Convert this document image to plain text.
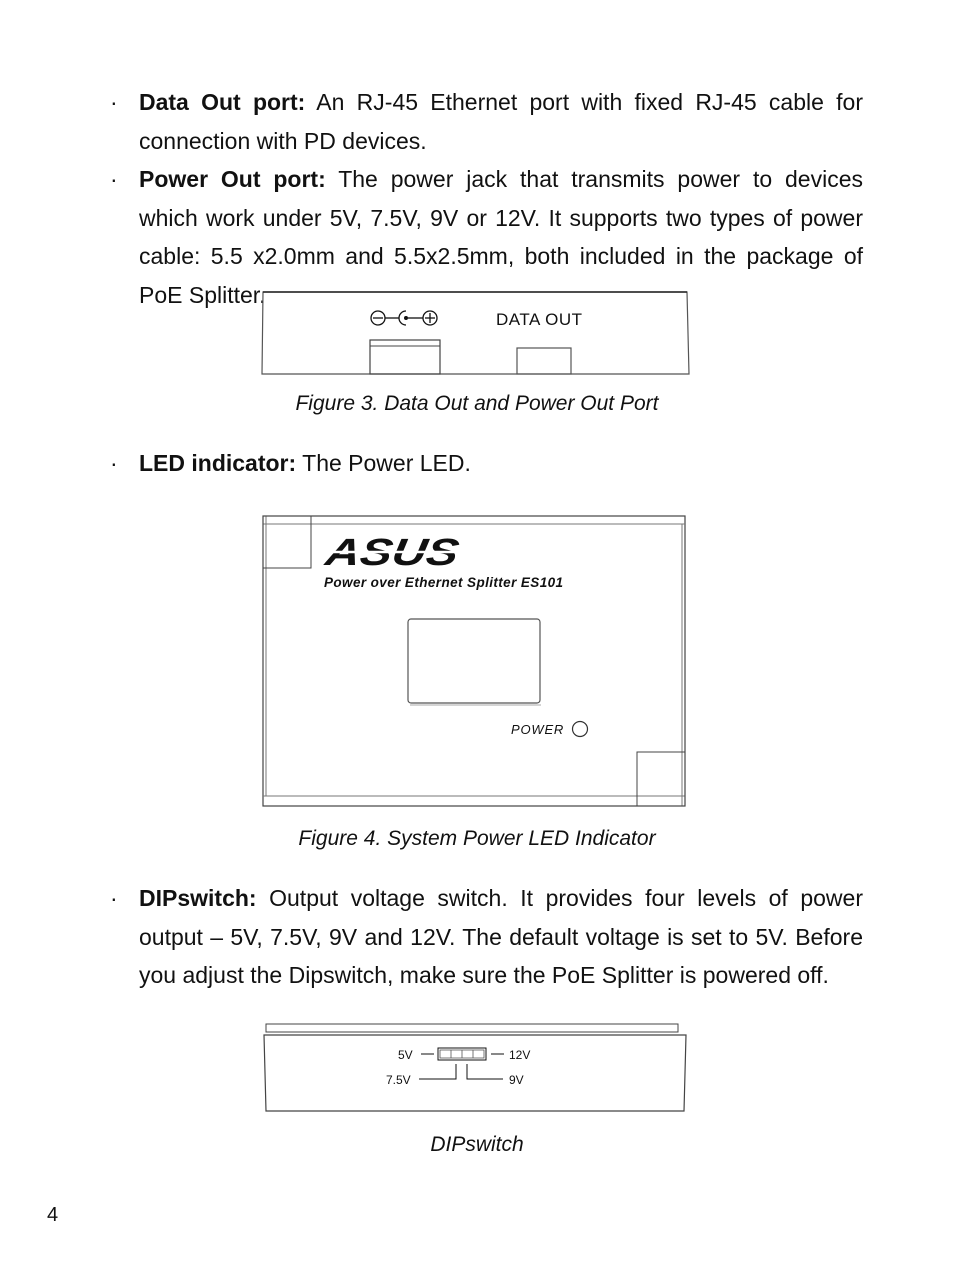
· Data Out port: An RJ-45 Ethernet port with fixed RJ-45 cable for connection with PD devices.
· Power Out port: The power jack that transmits power to devices which work under 5V, 7.5V, 9V or 12V. It supports two types of power cable: 5.5 x2.0mm and 5.5x2.5mm, both included in the package of PoE Splitter.
DATA OUT
Figure 3. Data Out and Power Out Port
· LED indicator: The Power LED.
ASUS
Power over Ethernet Splitter ES101
POWER
Figure 4. System Power LED Indicator
· DIPswitch: Output voltage switch. It provides four levels of power output – 5V, 7.5V, 9V and 12V. The default voltage is set to 5V. Before you adjust the Dipswitch, make sure the PoE Splitter is powered off.
5V	12V
7.5V	9V
DIPswitch
4
